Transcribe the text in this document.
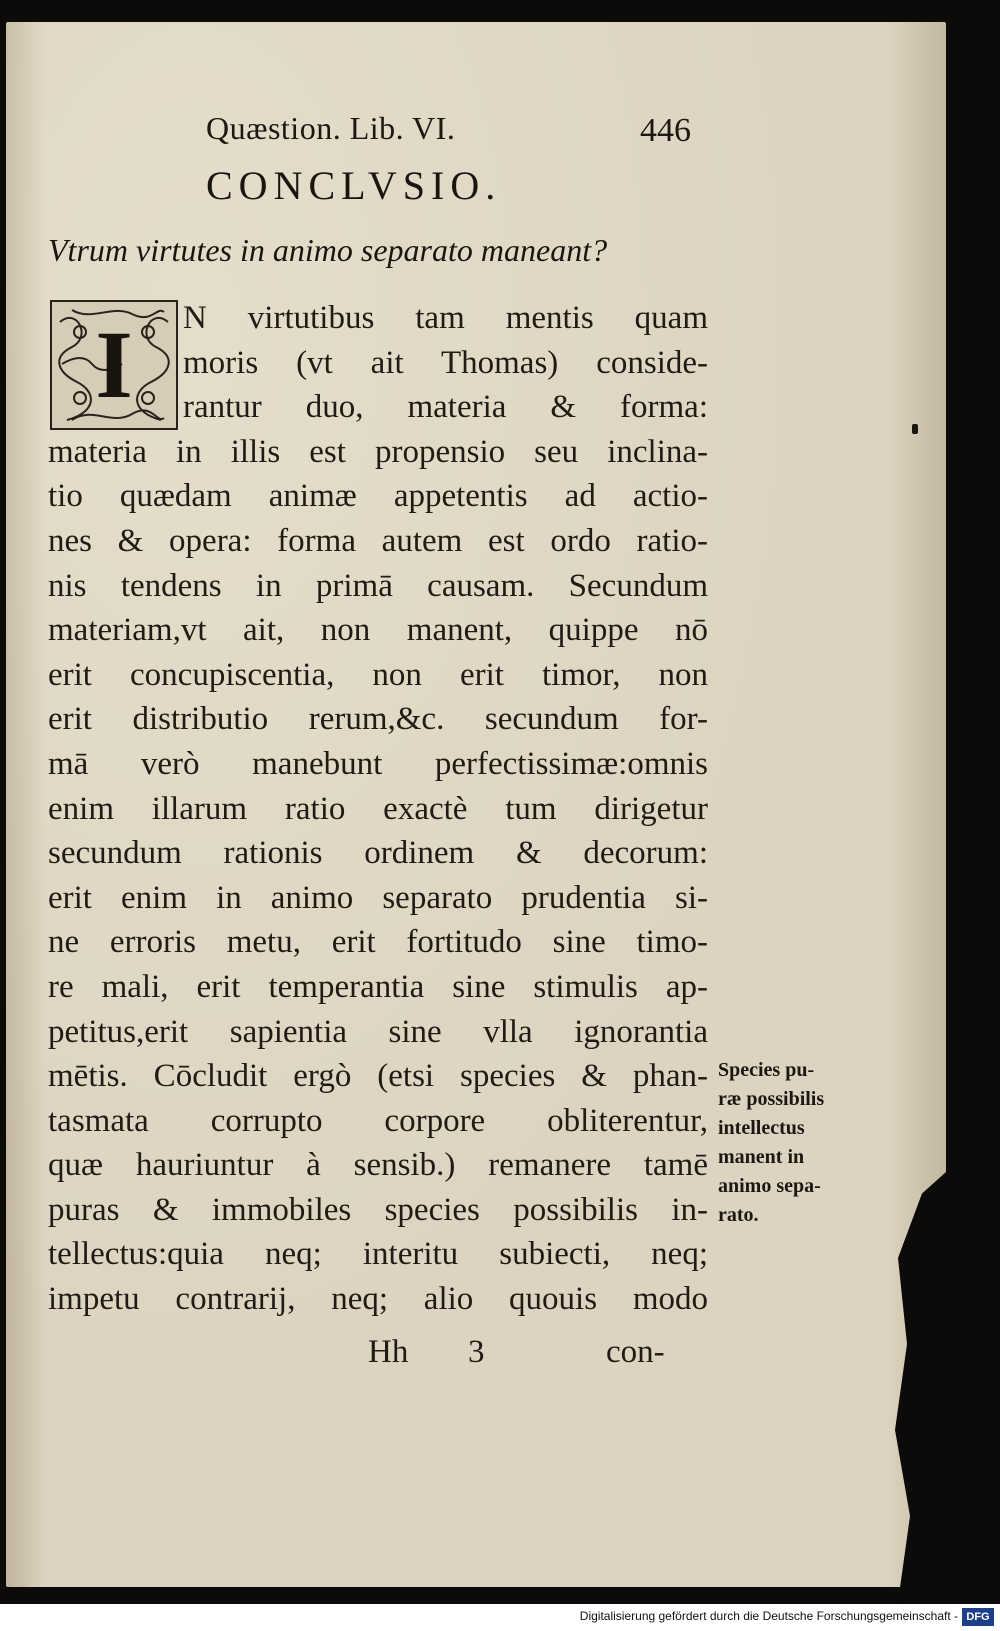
Quæstion. Lib. VI.	446
CONCLVSIO.
Vtrum virtutes in animo separato maneant?
I	N virtutibus tam mentis quam
moris (vt ait Thomas) conside-
rantur duo, materia & forma:
materia in illis est propensio seu inclina-
tio quædam animæ appetentis ad actio-
nes & opera: forma autem est ordo ratio-
nis tendens in primā causam. Secundum
materiam,vt ait, non manent, quippe nō
erit concupiscentia, non erit timor, non
erit distributio rerum,&c. secundum for-
mā verò manebunt perfectissimæ:omnis
enim illarum ratio exactè tum dirigetur
secundum rationis ordinem & decorum:
erit enim in animo separato prudentia si-
ne erroris metu, erit fortitudo sine timo-
re mali, erit temperantia sine stimulis ap-
petitus,erit sapientia sine vlla ignorantia
mētis. Cōcludit ergò (etsi species & phan-
tasmata corrupto corpore obliterentur,
quæ hauriuntur à sensib.) remanere tamē
puras & immobiles species possibilis in-
tellectus:quia neq; interitu subiecti, neq;
impetu contrarij, neq; alio quouis modo
Hh 3	con-
Species pu-
ræ possibilis
intellectus
manent in
animo sepa-
rato.
Digitalisierung gefördert durch die Deutsche Forschungsgemeinschaft - DFG
